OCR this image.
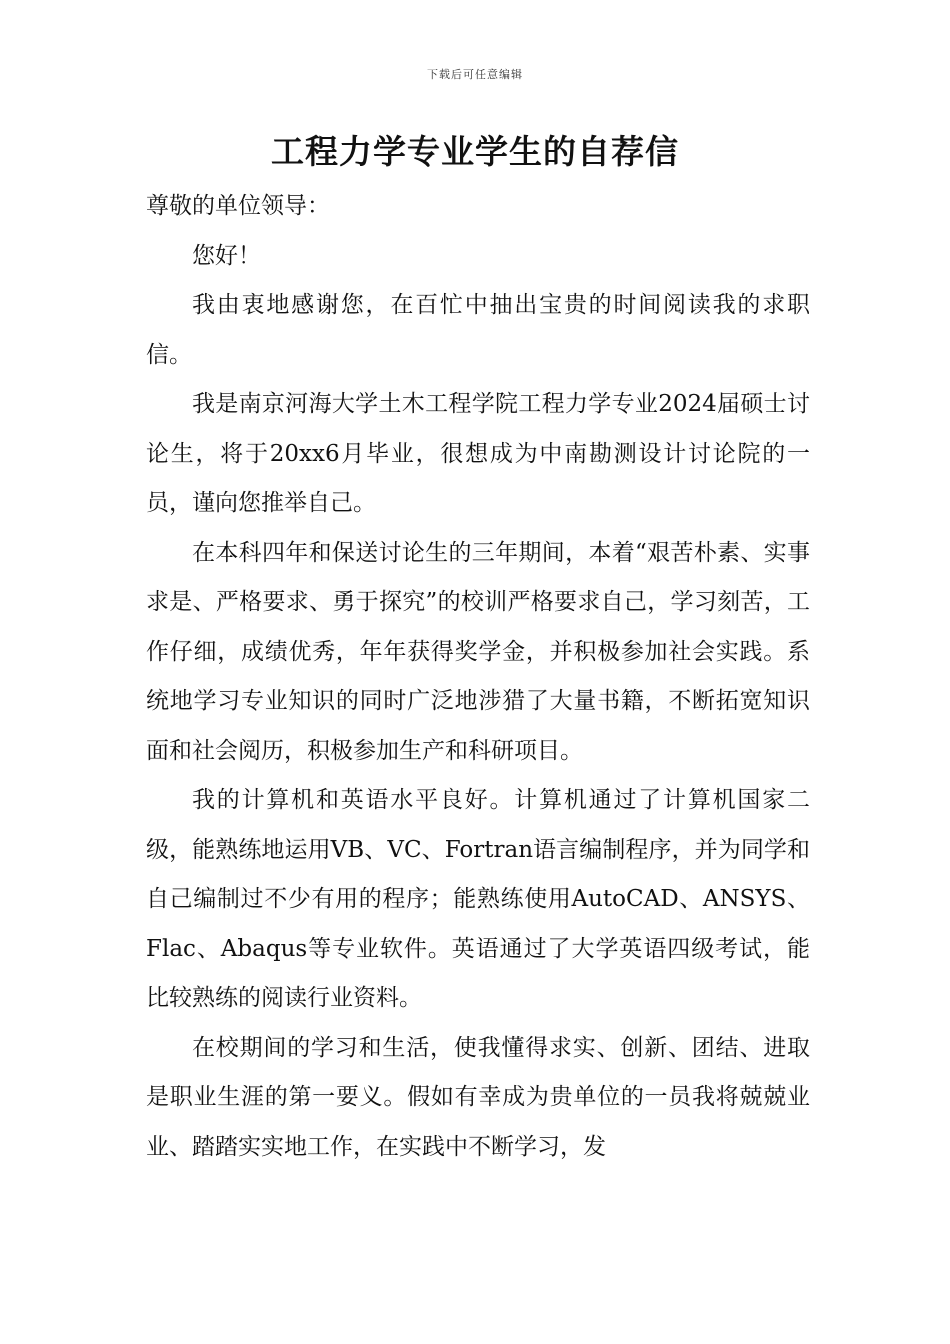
下载后可任意编辑
工程力学专业学生的自荐信

尊敬的单位领导：

您好！

我由衷地感谢您，在百忙中抽出宝贵的时间阅读我的求职信。

我是南京河海大学土木工程学院工程力学专业2024届硕士讨论生，将于20xx6月毕业，很想成为中南勘测设计讨论院的一员，谨向您推举自己。

在本科四年和保送讨论生的三年期间，本着“艰苦朴素、实事求是、严格要求、勇于探究”的校训严格要求自己，学习刻苦，工作仔细，成绩优秀，年年获得奖学金，并积极参加社会实践。系统地学习专业知识的同时广泛地涉猎了大量书籍，不断拓宽知识面和社会阅历，积极参加生产和科研项目。

我的计算机和英语水平良好。计算机通过了计算机国家二级，能熟练地运用VB、VC、Fortran语言编制程序，并为同学和自己编制过不少有用的程序；能熟练使用AutoCAD、ANSYS、Flac、Abaqus等专业软件。英语通过了大学英语四级考试，能比较熟练的阅读行业资料。

在校期间的学习和生活，使我懂得求实、创新、团结、进取是职业生涯的第一要义。假如有幸成为贵单位的一员我将兢兢业业、踏踏实实地工作，在实践中不断学习，发
